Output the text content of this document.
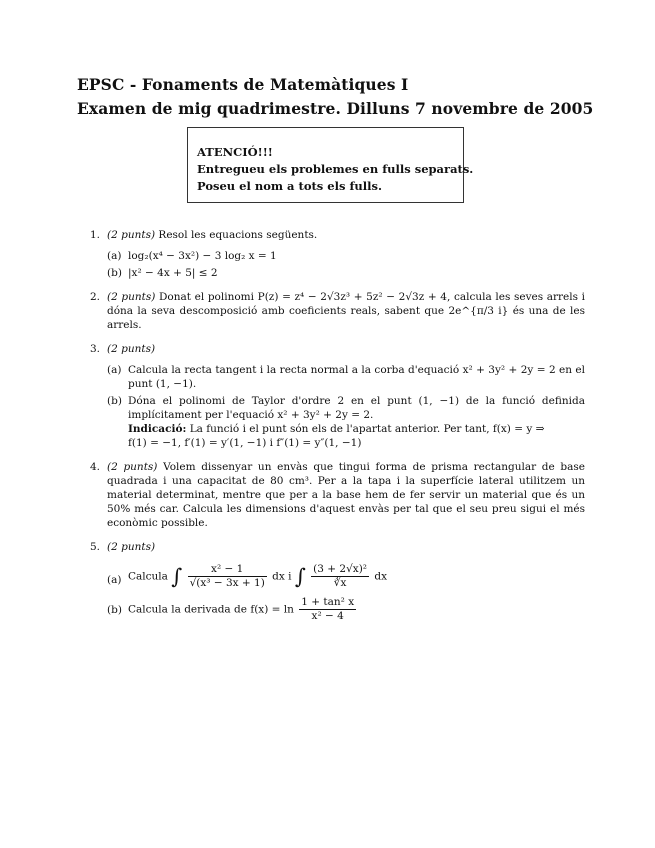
EPSC - Fonaments de Matemàtiques I
Examen de mig quadrimestre. Dilluns 7 novembre de 2005
ATENCIÓ!!!
Entregueu els problemes en fulls separats.
Poseu el nom a tots els fulls.
1. (2 punts) Resol les equacions següents.
(a) log₂(x⁴ − 3x²) − 3 log₂ x = 1
(b) |x² − 4x + 5| ≤ 2
2. (2 punts) Donat el polinomi P(z) = z⁴ − 2√3z³ + 5z² − 2√3z + 4, calcula les seves arrels i dóna la seva descomposició amb coeficients reals, sabent que 2e^{π/3 i} és una de les arrels.
3. (2 punts)
(a) Calcula la recta tangent i la recta normal a la corba d'equació x² + 3y² + 2y = 2 en el punt (1, −1).
(b) Dóna el polinomi de Taylor d'ordre 2 en el punt (1, −1) de la funció definida implícitament per l'equació x² + 3y² + 2y = 2.
Indicació: La funció i el punt són els de l'apartat anterior. Per tant, f(x) = y ⇒
f(1) = −1, f′(1) = y′(1, −1) i f″(1) = y″(1, −1)
4. (2 punts) Volem dissenyar un envàs que tingui forma de prisma rectangular de base quadrada i una capacitat de 80 cm³. Per a la tapa i la superfície lateral utilitzem un material determinat, mentre que per a la base hem de fer servir un material que és un 50% més car. Calcula les dimensions d'aquest envàs per tal que el seu preu sigui el més econòmic possible.
5. (2 punts)
(a) Calcula ∫ $\frac{\text{x² − 1}}{\text{√(x³ − 3x + 1)}}$ dx i ∫ $\frac{\text{(3 + 2√x)²}}{∛x}$ dx
(b) Calcula la derivada de $f(x) = \ln \frac{\text{1 + tan² x}}{\text{x² − 4}}$
